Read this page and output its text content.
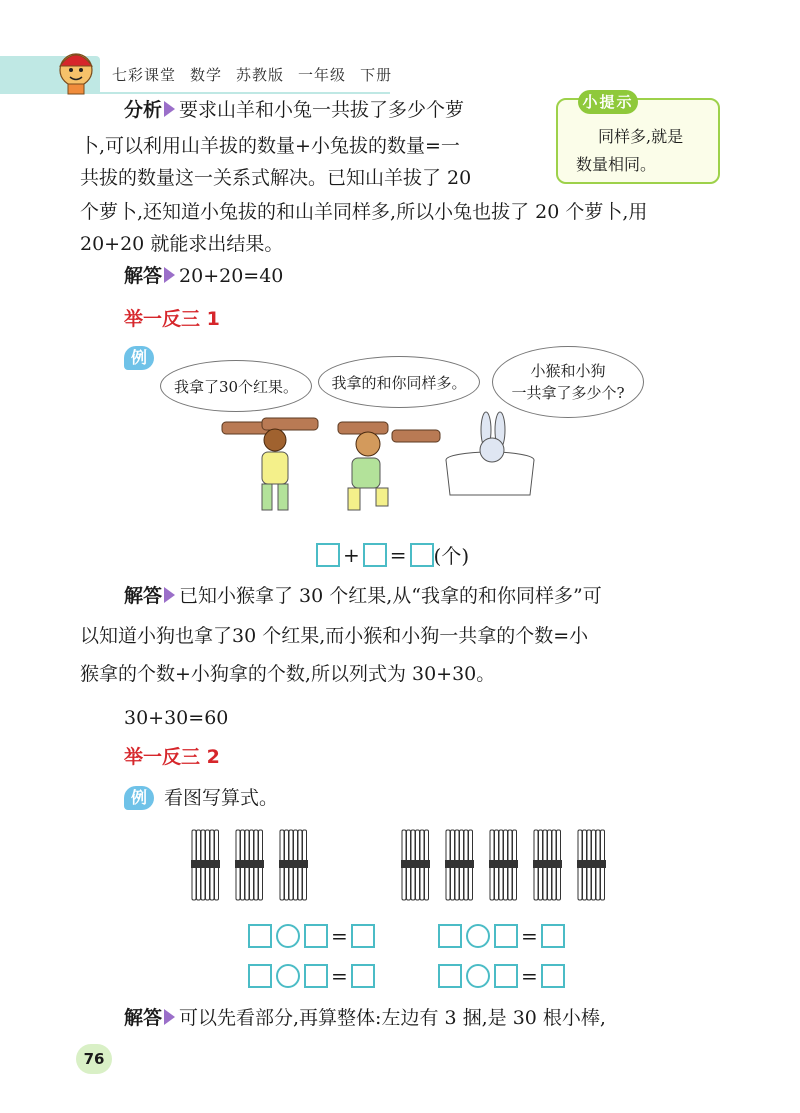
七彩课堂 数学 苏教版 一年级 下册
分析 要求山羊和小兔一共拔了多少个萝
卜,可以利用山羊拔的数量+小兔拔的数量=一
共拔的数量这一关系式解决。已知山羊拔了 20
个萝卜,还知道小兔拔的和山羊同样多,所以小兔也拔了 20 个萝卜,用
20+20 就能求出结果。
小提示
同样多,就是
数量相同。
解答 20+20=40
举一反三 1
例
我拿了30个红果。	我拿的和你同样多。
小猴和小狗
一共拿了多少个?
+ = (个)
解答 已知小猴拿了 30 个红果,从“我拿的和你同样多”可
以知道小狗也拿了30 个红果,而小猴和小狗一共拿的个数=小
猴拿的个数+小狗拿的个数,所以列式为 30+30。
30+30=60
举一反三 2
例 看图写算式。
=	=
=	=
解答 可以先看部分,再算整体:左边有 3 捆,是 30 根小棒,
76
